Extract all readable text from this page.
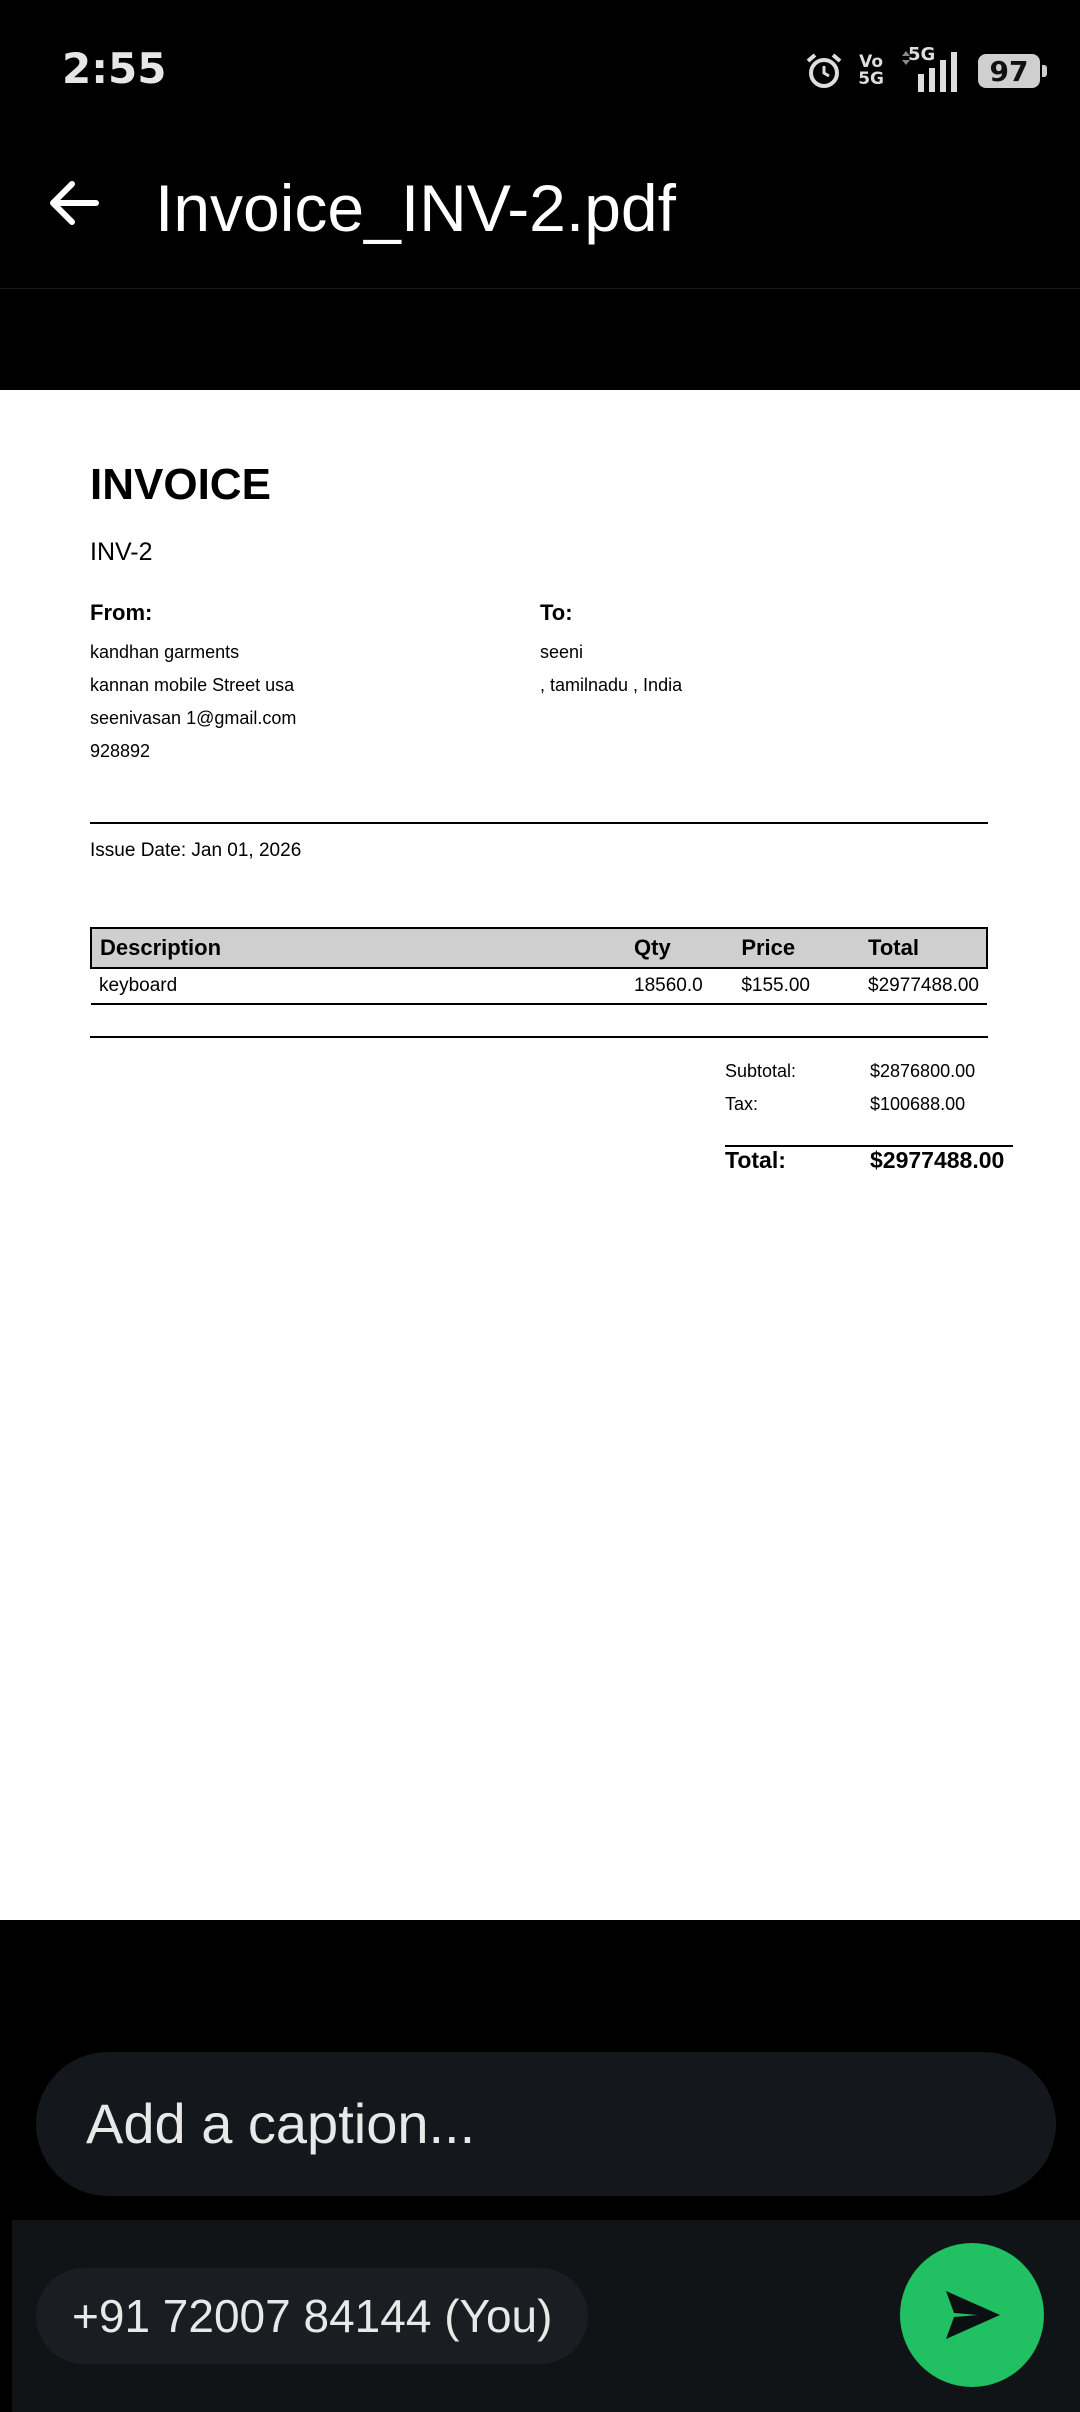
2:55	Vo
5G
5G 97
Invoice_INV-2.pdf
INVOICE
INV-2
From:
kandhan garments
kannan mobile Street usa
seenivasan 1@gmail.com
928892
To:
seeni
, tamilnadu , India
Issue Date: Jan 01, 2026
Description	Qty	Price	Total
keyboard	18560.0	$155.00	$2977488.00
Subtotal:	$2876800.00
Tax:	$100688.00
Total:	$2977488.00
Add a caption...
+91 72007 84144 (You)
